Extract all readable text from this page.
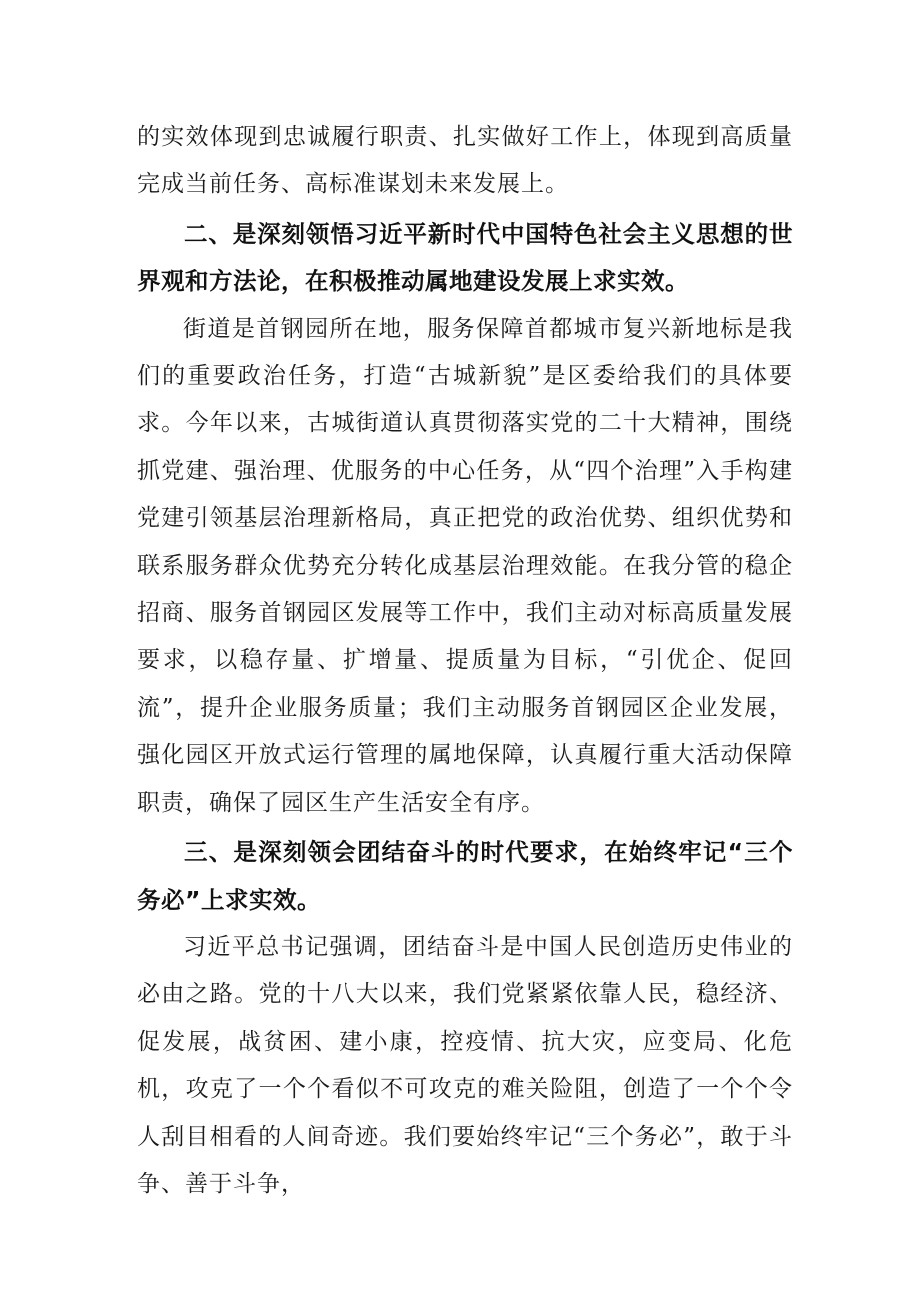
的实效体现到忠诚履行职责、扎实做好工作上，体现到高质量完成当前任务、高标准谋划未来发展上。

二、是深刻领悟习近平新时代中国特色社会主义思想的世界观和方法论，在积极推动属地建设发展上求实效。

街道是首钢园所在地，服务保障首都城市复兴新地标是我们的重要政治任务，打造“古城新貌”是区委给我们的具体要求。今年以来，古城街道认真贯彻落实党的二十大精神，围绕抓党建、强治理、优服务的中心任务，从“四个治理”入手构建党建引领基层治理新格局，真正把党的政治优势、组织优势和联系服务群众优势充分转化成基层治理效能。在我分管的稳企招商、服务首钢园区发展等工作中，我们主动对标高质量发展要求，以稳存量、扩增量、提质量为目标，“引优企、促回流”，提升企业服务质量；我们主动服务首钢园区企业发展，强化园区开放式运行管理的属地保障，认真履行重大活动保障职责，确保了园区生产生活安全有序。

三、是深刻领会团结奋斗的时代要求，在始终牢记“三个务必”上求实效。

习近平总书记强调，团结奋斗是中国人民创造历史伟业的必由之路。党的十八大以来，我们党紧紧依靠人民，稳经济、促发展，战贫困、建小康，控疫情、抗大灾，应变局、化危机，攻克了一个个看似不可攻克的难关险阻，创造了一个个令人刮目相看的人间奇迹。我们要始终牢记“三个务必”，敢于斗争、善于斗争，
